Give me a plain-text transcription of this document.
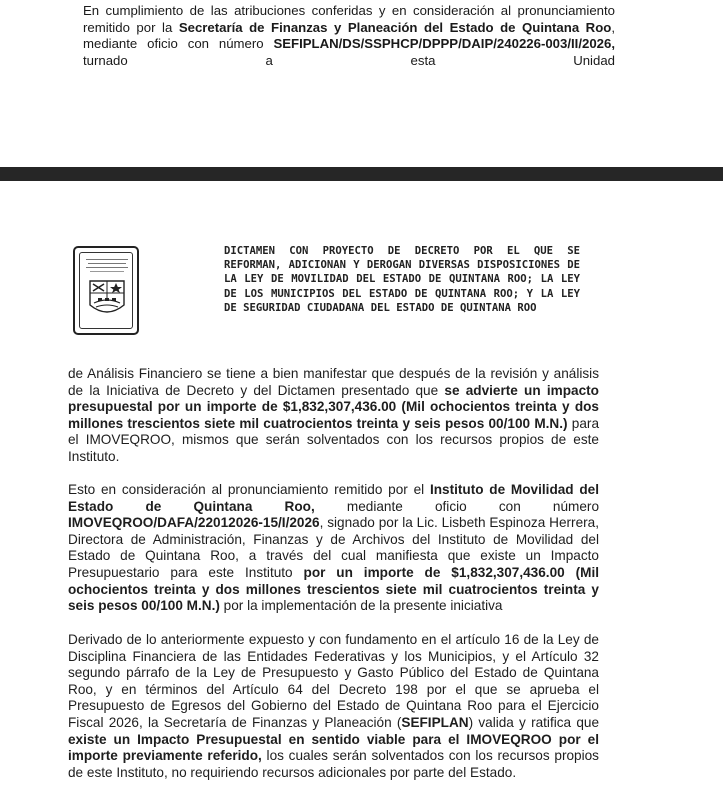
En cumplimiento de las atribuciones conferidas y en consideración al pronunciamiento remitido por la Secretaría de Finanzas y Planeación del Estado de Quintana Roo, mediante oficio con número SEFIPLAN/DS/SSPHCP/DPPP/DAIP/240226-003/II/2026, turnado a esta Unidad
DICTAMEN CON PROYECTO DE DECRETO POR EL QUE SE REFORMAN, ADICIONAN Y DEROGAN DIVERSAS DISPOSICIONES DE LA LEY DE MOVILIDAD DEL ESTADO DE QUINTANA ROO; LA LEY DE LOS MUNICIPIOS DEL ESTADO DE QUINTANA ROO; Y LA LEY DE SEGURIDAD CIUDADANA DEL ESTADO DE QUINTANA ROO
de Análisis Financiero se tiene a bien manifestar que después de la revisión y análisis de la Iniciativa de Decreto y del Dictamen presentado que se advierte un impacto presupuestal por un importe de $1,832,307,436.00 (Mil ochocientos treinta y dos millones trescientos siete mil cuatrocientos treinta y seis pesos 00/100 M.N.) para el IMOVEQROO, mismos que serán solventados con los recursos propios de este Instituto.
Esto en consideración al pronunciamiento remitido por el Instituto de Movilidad del Estado de Quintana Roo, mediante oficio con número IMOVEQROO/DAFA/22012026-15/I/2026, signado por la Lic. Lisbeth Espinoza Herrera, Directora de Administración, Finanzas y de Archivos del Instituto de Movilidad del Estado de Quintana Roo, a través del cual manifiesta que existe un Impacto Presupuestario para este Instituto por un importe de $1,832,307,436.00 (Mil ochocientos treinta y dos millones trescientos siete mil cuatrocientos treinta y seis pesos 00/100 M.N.) por la implementación de la presente iniciativa
Derivado de lo anteriormente expuesto y con fundamento en el artículo 16 de la Ley de Disciplina Financiera de las Entidades Federativas y los Municipios, y el Artículo 32 segundo párrafo de la Ley de Presupuesto y Gasto Público del Estado de Quintana Roo, y en términos del Artículo 64 del Decreto 198 por el que se aprueba el Presupuesto de Egresos del Gobierno del Estado de Quintana Roo para el Ejercicio Fiscal 2026, la Secretaría de Finanzas y Planeación (SEFIPLAN) valida y ratifica que existe un Impacto Presupuestal en sentido viable para el IMOVEQROO por el importe previamente referido, los cuales serán solventados con los recursos propios de este Instituto, no requiriendo recursos adicionales por parte del Estado.
